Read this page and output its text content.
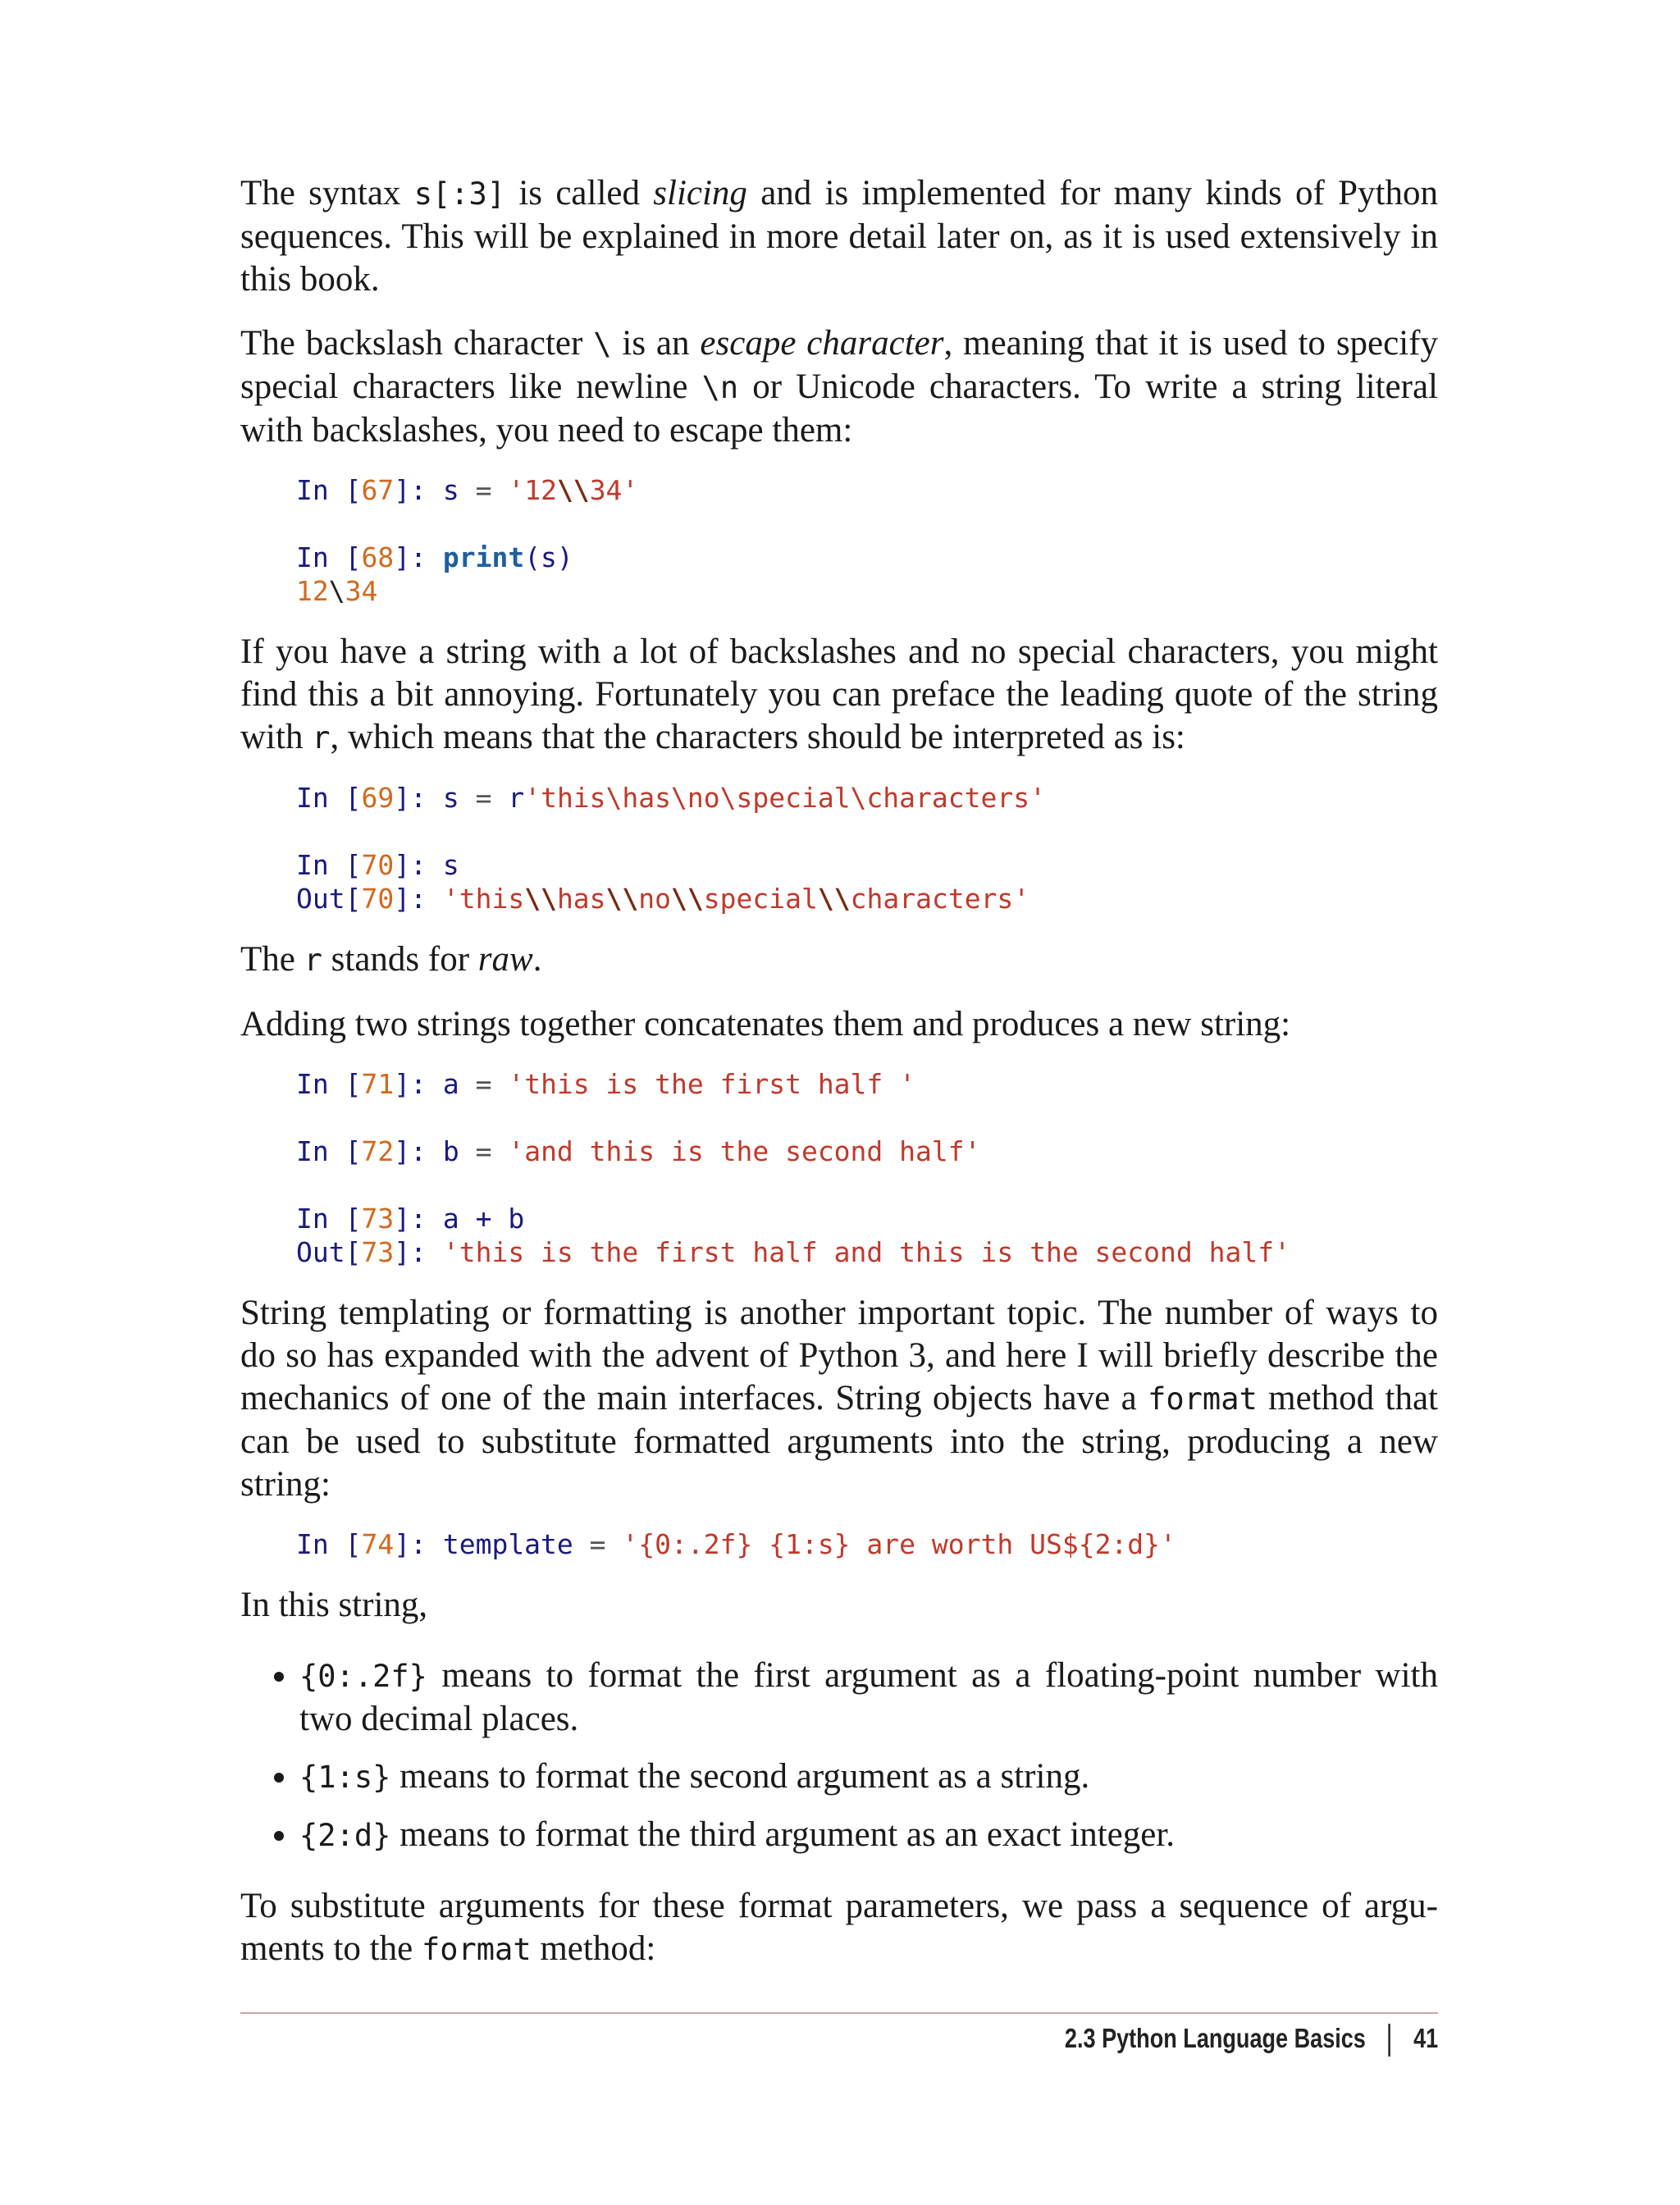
The syntax s[:3] is called slicing and is implemented for many kinds of Python sequences. This will be explained in more detail later on, as it is used extensively in this book.

The backslash character \ is an escape character, meaning that it is used to specify special characters like newline \n or Unicode characters. To write a string literal with backslashes, you need to escape them:

In [67]: s = '12\\34'
In [68]: print(s)
12\34

If you have a string with a lot of backslashes and no special characters, you might find this a bit annoying. Fortunately you can preface the leading quote of the string with r, which means that the characters should be interpreted as is:

In [69]: s = r'this\has\no\special\characters'
In [70]: s
Out[70]: 'this\\has\\no\\special\\characters'

The r stands for raw.

Adding two strings together concatenates them and produces a new string:

In [71]: a = 'this is the first half '
In [72]: b = 'and this is the second half'
In [73]: a + b
Out[73]: 'this is the first half and this is the second half'

String templating or formatting is another important topic. The number of ways to do so has expanded with the advent of Python 3, and here I will briefly describe the mechanics of one of the main interfaces. String objects have a format method that can be used to substitute formatted arguments into the string, producing a new string:

In [74]: template = '{0:.2f} {1:s} are worth US${2:d}'

In this string,

• {0:.2f} means to format the first argument as a floating-point number with two decimal places.
• {1:s} means to format the second argument as a string.
• {2:d} means to format the third argument as an exact integer.

To substitute arguments for these format parameters, we pass a sequence of arguments to the format method:

2.3 Python Language Basics 41
